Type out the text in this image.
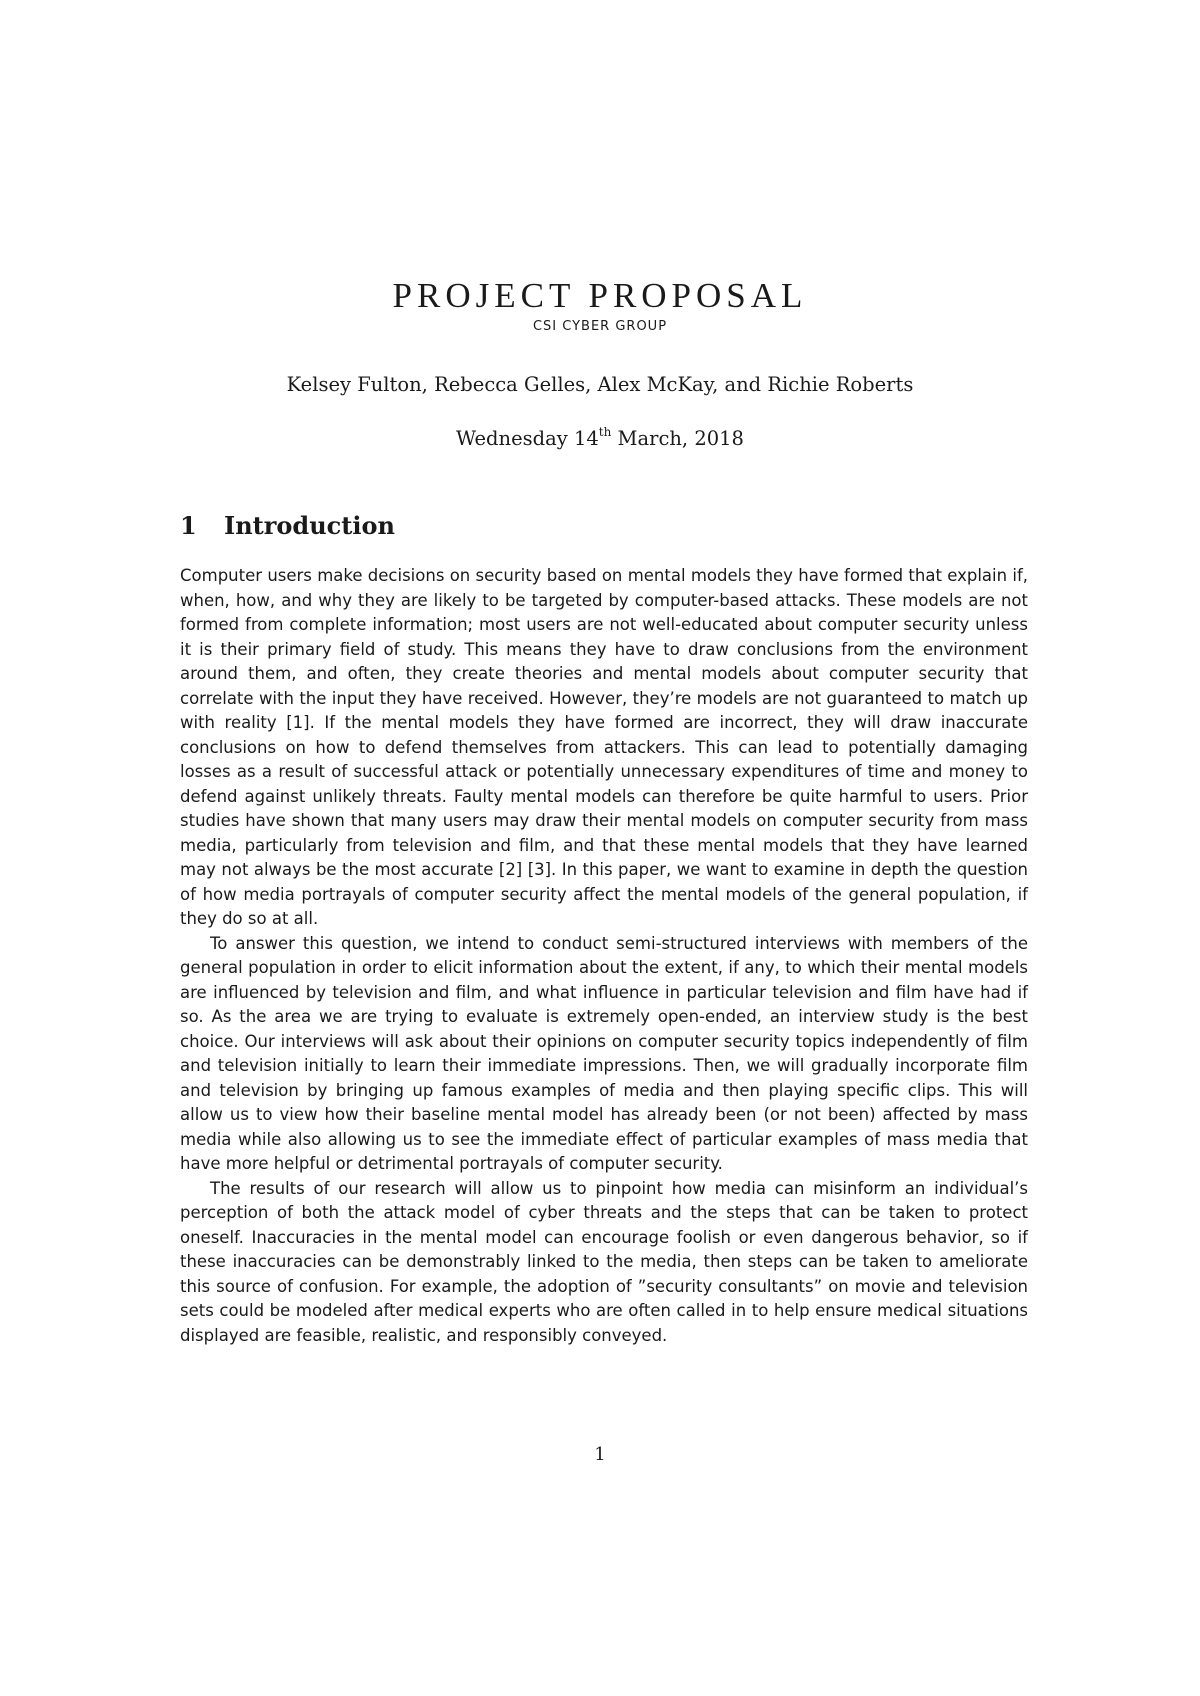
PROJECT PROPOSAL
CSI CYBER GROUP
Kelsey Fulton, Rebecca Gelles, Alex McKay, and Richie Roberts
Wednesday 14th March, 2018
1 Introduction

Computer users make decisions on security based on mental models they have formed that explain if, when, how, and why they are likely to be targeted by computer-based attacks. These models are not formed from complete information; most users are not well-educated about computer security unless it is their primary field of study. This means they have to draw conclusions from the environment around them, and often, they create theories and mental models about computer security that correlate with the input they have received. However, they’re models are not guaranteed to match up with reality [1]. If the mental models they have formed are incorrect, they will draw inaccurate conclusions on how to defend themselves from attackers. This can lead to potentially damaging losses as a result of successful attack or potentially unnecessary expenditures of time and money to defend against unlikely threats. Faulty mental models can therefore be quite harmful to users. Prior studies have shown that many users may draw their mental models on computer security from mass media, particularly from television and film, and that these mental models that they have learned may not always be the most accurate [2] [3]. In this paper, we want to examine in depth the question of how media portrayals of computer security affect the mental models of the general population, if they do so at all.

To answer this question, we intend to conduct semi-structured interviews with members of the general population in order to elicit information about the extent, if any, to which their mental models are influenced by television and film, and what influence in particular television and film have had if so. As the area we are trying to evaluate is extremely open-ended, an interview study is the best choice. Our interviews will ask about their opinions on computer security topics independently of film and television initially to learn their immediate impressions. Then, we will gradually incorporate film and television by bringing up famous examples of media and then playing specific clips. This will allow us to view how their baseline mental model has already been (or not been) affected by mass media while also allowing us to see the immediate effect of particular examples of mass media that have more helpful or detrimental portrayals of computer security.

The results of our research will allow us to pinpoint how media can misinform an individual’s perception of both the attack model of cyber threats and the steps that can be taken to protect oneself. Inaccuracies in the mental model can encourage foolish or even dangerous behavior, so if these inaccuracies can be demonstrably linked to the media, then steps can be taken to ameliorate this source of confusion. For example, the adoption of ”security consultants” on movie and television sets could be modeled after medical experts who are often called in to help ensure medical situations displayed are feasible, realistic, and responsibly conveyed.

1
